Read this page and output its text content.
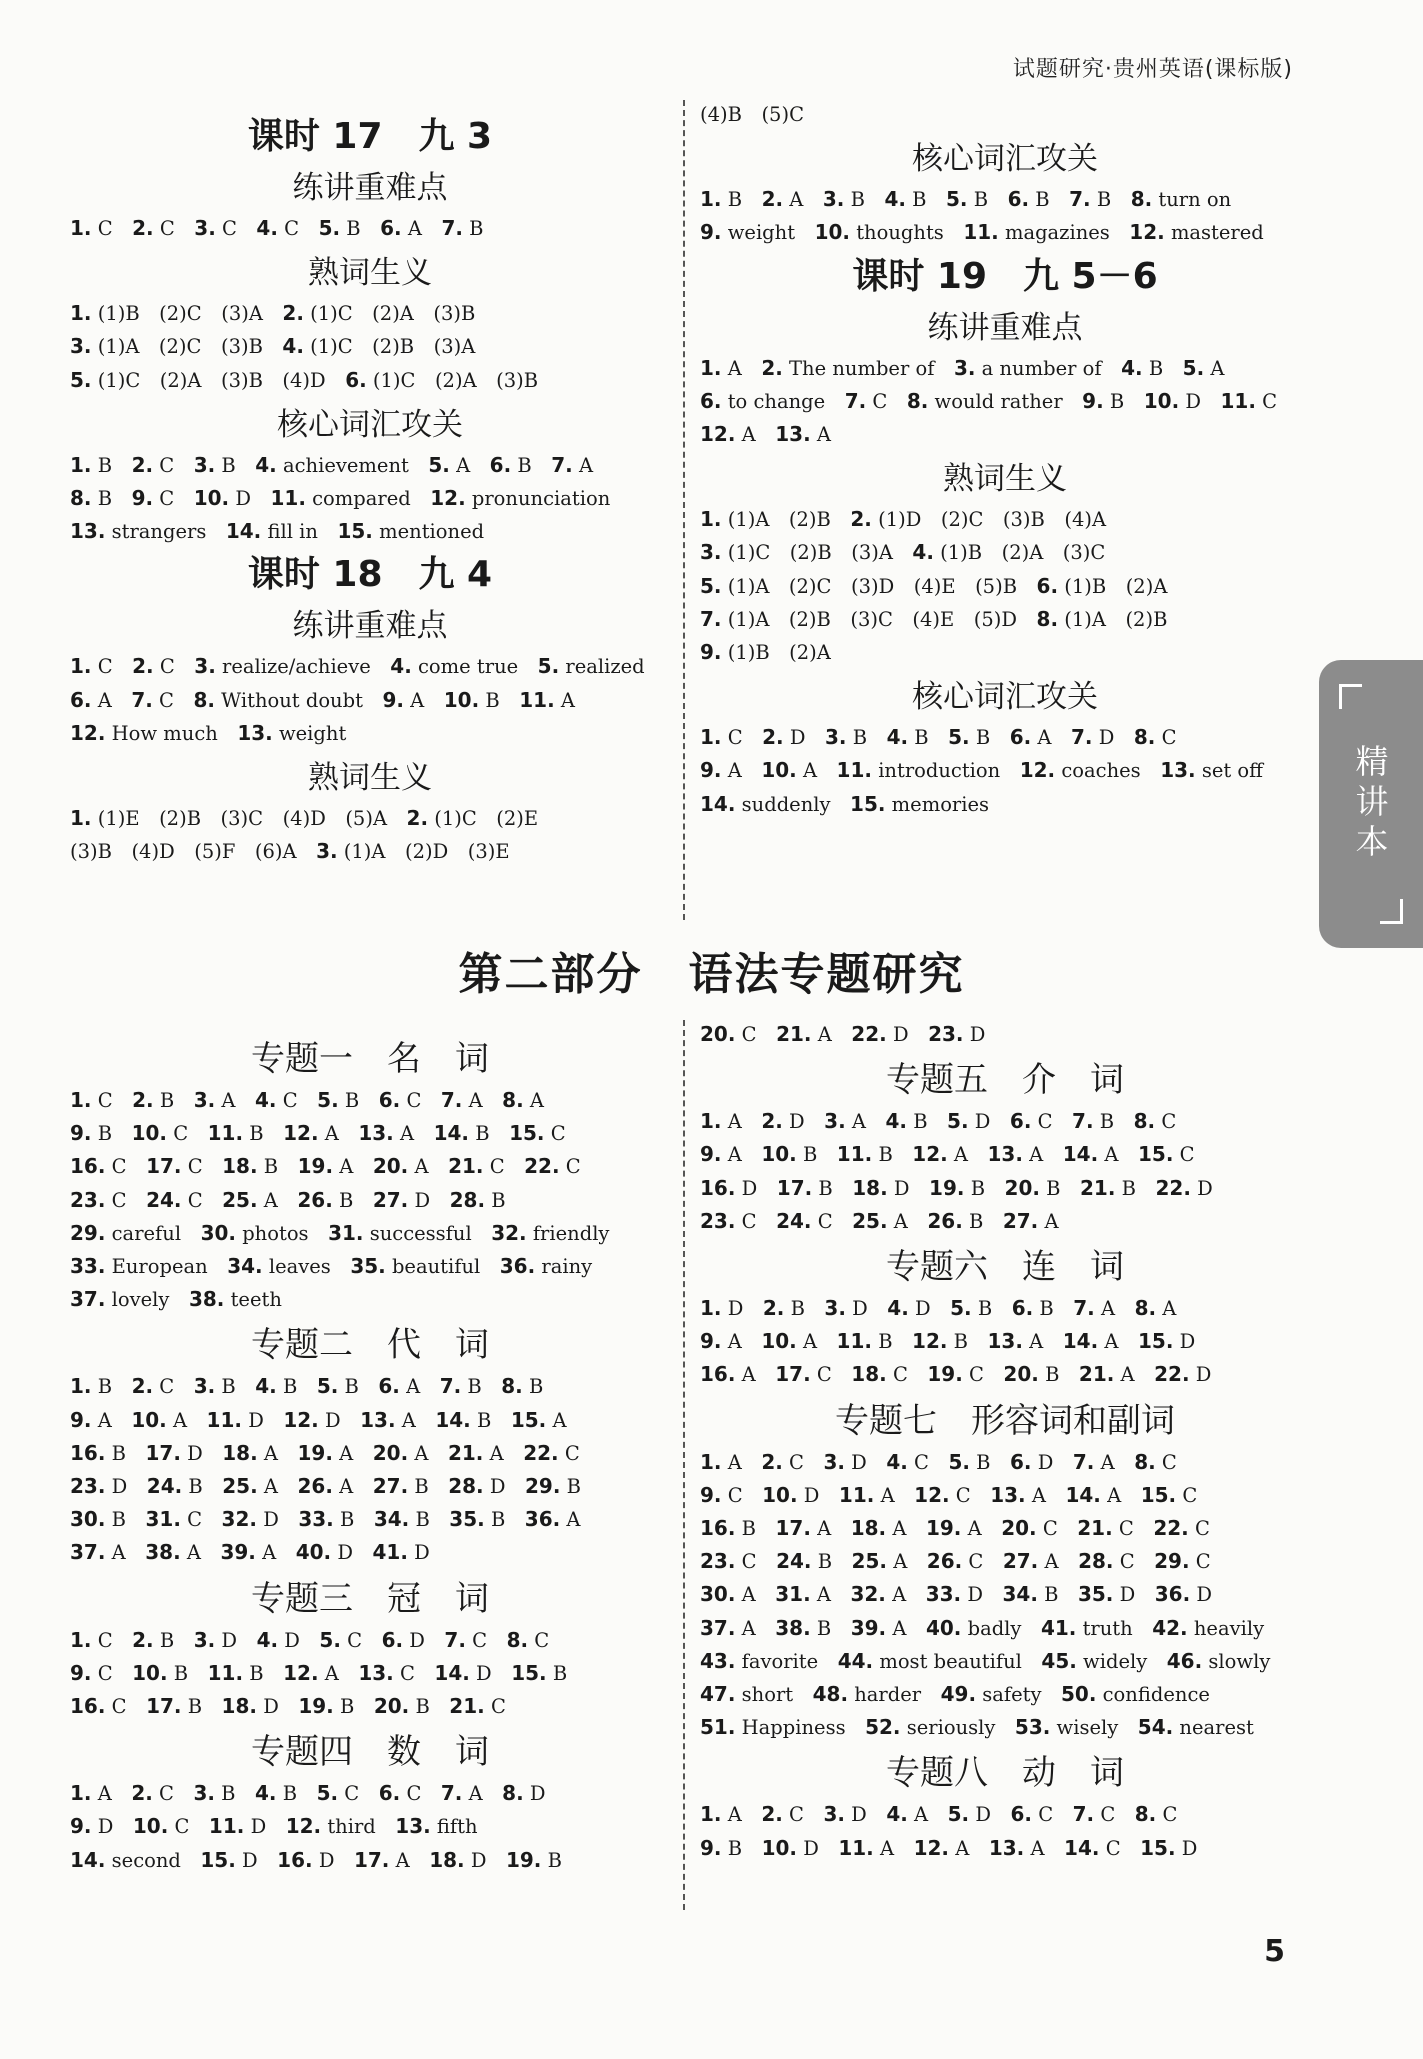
试题研究·贵州英语(课标版)
课时 17　九 3
练讲重难点
1. C   2. C   3. C   4. C   5. B   6. A   7. B
熟词生义
1. (1)B　(2)C　(3)A   2. (1)C　(2)A　(3)B
3. (1)A　(2)C　(3)B   4. (1)C　(2)B　(3)A
5. (1)C　(2)A　(3)B　(4)D   6. (1)C　(2)A　(3)B
核心词汇攻关
1. B   2. C   3. B   4. achievement   5. A   6. B   7. A
8. B   9. C   10. D   11. compared   12. pronunciation
13. strangers   14. fill in   15. mentioned
课时 18　九 4
练讲重难点
1. C   2. C   3. realize/achieve   4. come true   5. realized
6. A   7. C   8. Without doubt   9. A   10. B   11. A
12. How much   13. weight
熟词生义
1. (1)E　(2)B　(3)C　(4)D　(5)A   2. (1)C　(2)E
(3)B　(4)D　(5)F　(6)A   3. (1)A　(2)D　(3)E
(4)B　(5)C
核心词汇攻关
1. B   2. A   3. B   4. B   5. B   6. B   7. B   8. turn on
9. weight   10. thoughts   11. magazines   12. mastered
课时 19　九 5－6
练讲重难点
1. A   2. The number of   3. a number of   4. B   5. A
6. to change   7. C   8. would rather   9. B   10. D   11. C
12. A   13. A
熟词生义
1. (1)A　(2)B   2. (1)D　(2)C　(3)B　(4)A
3. (1)C　(2)B　(3)A   4. (1)B　(2)A　(3)C
5. (1)A　(2)C　(3)D　(4)E　(5)B   6. (1)B　(2)A
7. (1)A　(2)B　(3)C　(4)E　(5)D   8. (1)A　(2)B
9. (1)B　(2)A
核心词汇攻关
1. C   2. D   3. B   4. B   5. B   6. A   7. D   8. C
9. A   10. A   11. introduction   12. coaches   13. set off
14. suddenly   15. memories
第二部分　语法专题研究
专题一　名　词
1. C   2. B   3. A   4. C   5. B   6. C   7. A   8. A
9. B   10. C   11. B   12. A   13. A   14. B   15. C
16. C   17. C   18. B   19. A   20. A   21. C   22. C
23. C   24. C   25. A   26. B   27. D   28. B
29. careful   30. photos   31. successful   32. friendly
33. European   34. leaves   35. beautiful   36. rainy
37. lovely   38. teeth
专题二　代　词
1. B   2. C   3. B   4. B   5. B   6. A   7. B   8. B
9. A   10. A   11. D   12. D   13. A   14. B   15. A
16. B   17. D   18. A   19. A   20. A   21. A   22. C
23. D   24. B   25. A   26. A   27. B   28. D   29. B
30. B   31. C   32. D   33. B   34. B   35. B   36. A
37. A   38. A   39. A   40. D   41. D
专题三　冠　词
1. C   2. B   3. D   4. D   5. C   6. D   7. C   8. C
9. C   10. B   11. B   12. A   13. C   14. D   15. B
16. C   17. B   18. D   19. B   20. B   21. C
专题四　数　词
1. A   2. C   3. B   4. B   5. C   6. C   7. A   8. D
9. D   10. C   11. D   12. third   13. fifth
14. second   15. D   16. D   17. A   18. D   19. B
20. C   21. A   22. D   23. D
专题五　介　词
1. A   2. D   3. A   4. B   5. D   6. C   7. B   8. C
9. A   10. B   11. B   12. A   13. A   14. A   15. C
16. D   17. B   18. D   19. B   20. B   21. B   22. D
23. C   24. C   25. A   26. B   27. A
专题六　连　词
1. D   2. B   3. D   4. D   5. B   6. B   7. A   8. A
9. A   10. A   11. B   12. B   13. A   14. A   15. D
16. A   17. C   18. C   19. C   20. B   21. A   22. D
专题七　形容词和副词
1. A   2. C   3. D   4. C   5. B   6. D   7. A   8. C
9. C   10. D   11. A   12. C   13. A   14. A   15. C
16. B   17. A   18. A   19. A   20. C   21. C   22. C
23. C   24. B   25. A   26. C   27. A   28. C   29. C
30. A   31. A   32. A   33. D   34. B   35. D   36. D
37. A   38. B   39. A   40. badly   41. truth   42. heavily
43. favorite   44. most beautiful   45. widely   46. slowly
47. short   48. harder   49. safety   50. confidence
51. Happiness   52. seriously   53. wisely   54. nearest
专题八　动　词
1. A   2. C   3. D   4. A   5. D   6. C   7. C   8. C
9. B   10. D   11. A   12. A   13. A   14. C   15. D
精讲本
5
